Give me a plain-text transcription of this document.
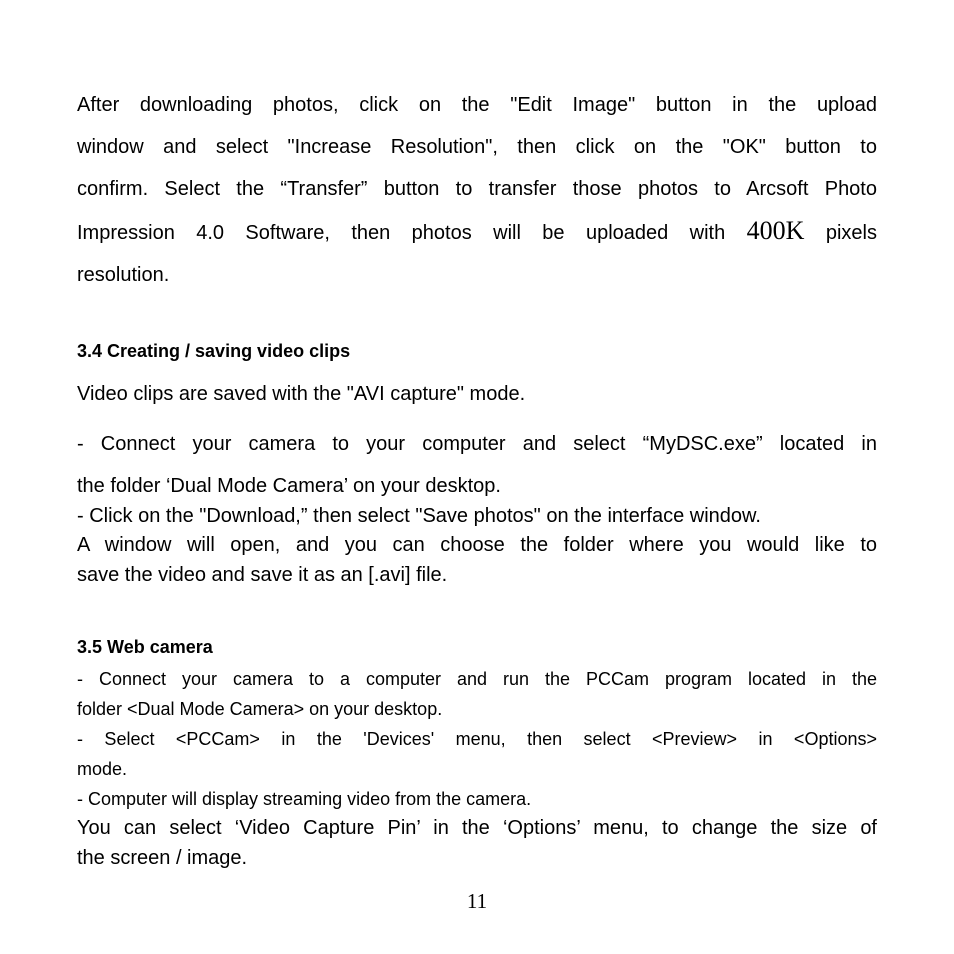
After downloading photos, click on the "Edit Image" button in the upload
window and select "Increase Resolution", then click on the "OK" button to
confirm. Select the “Transfer” button to transfer those photos to Arcsoft Photo
Impression 4.0 Software, then photos will be uploaded with 400K pixels
resolution.
3.4 Creating / saving video clips
Video clips are saved with the "AVI capture" mode.
- Connect your camera to your computer and select “MyDSC.exe” located in
the folder ‘Dual Mode Camera’ on your desktop.
- Click on the "Download,” then select "Save photos" on the interface window.
A window will open, and you can choose the folder where you would like to
save the video and save it as an [.avi] file.
3.5 Web camera
- Connect your camera to a computer and run the PCCam program located in the
folder <Dual Mode Camera> on your desktop.
- Select <PCCam> in the 'Devices' menu, then select <Preview> in <Options>
mode.
- Computer will display streaming video from the camera.
You can select ‘Video Capture Pin’ in the ‘Options’ menu, to change the size of
the screen / image.
11
